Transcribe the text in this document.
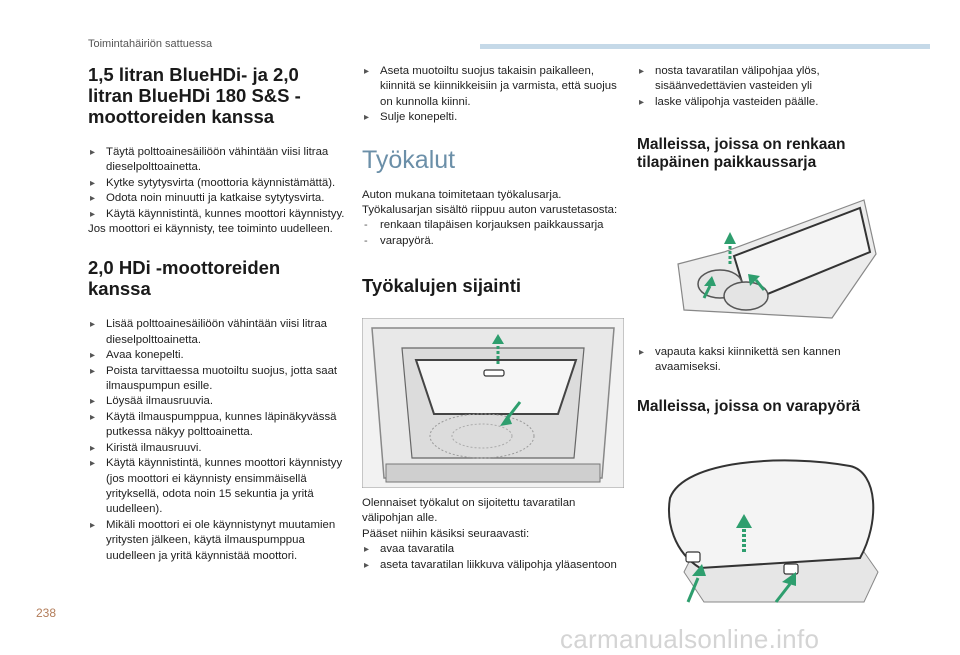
Toimintahäiriön sattuessa
1,5 litran BlueHDi- ja 2,0 litran BlueHDi 180 S&S -moottoreiden kanssa
▸ Täytä polttoainesäiliöön vähintään viisi litraa dieselpolttoainetta.
▸ Kytke sytytysvirta (moottoria käynnistämättä).
▸ Odota noin minuutti ja katkaise sytytysvirta.
▸ Käytä käynnistintä, kunnes moottori käynnistyy.

Jos moottori ei käynnisty, tee toiminto uudelleen.

2,0 HDi -moottoreiden kanssa
▸ Lisää polttoainesäiliöön vähintään viisi litraa dieselpolttoainetta.
▸ Avaa konepelti.
▸ Poista tarvittaessa muotoiltu suojus, jotta saat ilmauspumpun esille.
▸ Löysää ilmausruuvia.
▸ Käytä ilmauspumppua, kunnes läpinäkyvässä putkessa näkyy polttoainetta.
▸ Kiristä ilmausruuvi.
▸ Käytä käynnistintä, kunnes moottori käynnistyy (jos moottori ei käynnisty ensimmäisellä yrityksellä, odota noin 15 sekuntia ja yritä uudelleen).
▸ Mikäli moottori ei ole käynnistynyt muutamien yritysten jälkeen, käytä ilmauspumppua uudelleen ja yritä käynnistää moottori.
▸ Aseta muotoiltu suojus takaisin paikalleen, kiinnitä se kiinnikkeisiin ja varmista, että suojus on kunnolla kiinni.
▸ Sulje konepelti.
Työkalut

Auton mukana toimitetaan työkalusarja. Työkalusarjan sisältö riippuu auton varustetasosta:

- renkaan tilapäisen korjauksen paikkaussarja
- varapyörä.
Työkalujen sijainti

Olennaiset työkalut on sijoitettu tavaratilan välipohjan alle.

Pääset niihin käsiksi seuraavasti:

▸ avaa tavaratila
▸ aseta tavaratilan liikkuva välipohja yläasentoon
▸ nosta tavaratilan välipohjaa ylös, sisäänvedettävien vasteiden yli
▸ laske välipohja vasteiden päälle.
Malleissa, joissa on renkaan tilapäinen paikkaussarja
▸ vapauta kaksi kiinnikettä sen kannen avaamiseksi.
Malleissa, joissa on varapyörä
238
carmanualsonline.info
